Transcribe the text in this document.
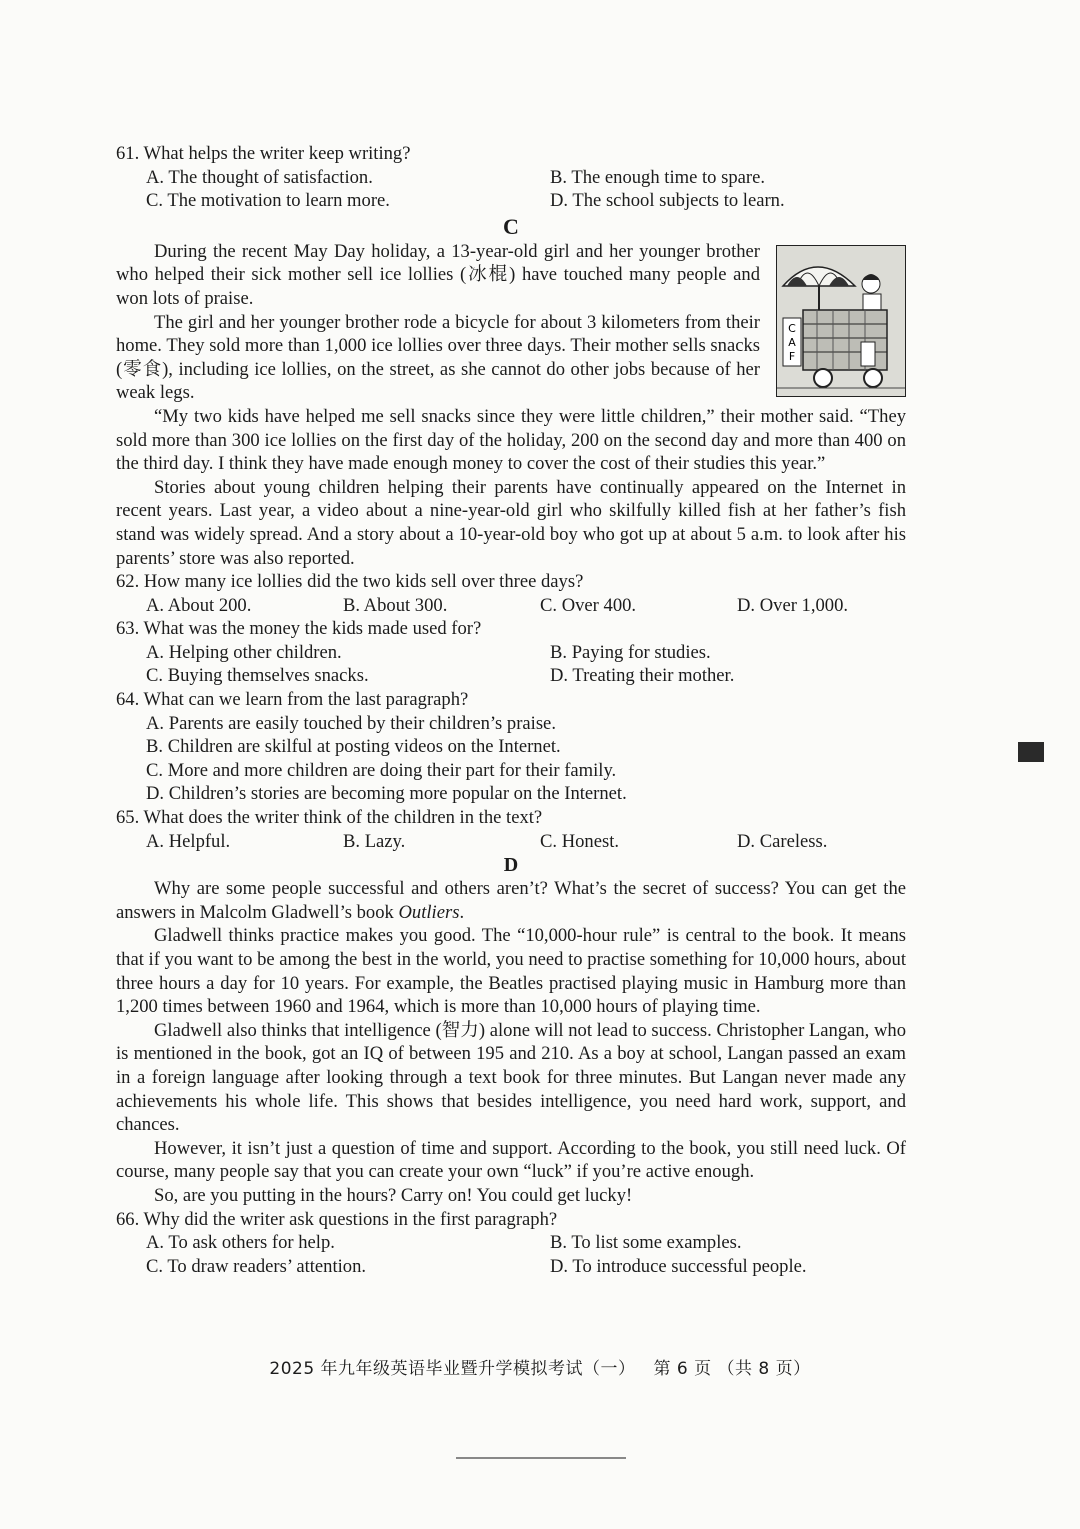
61. What helps the writer keep writing?

A. The thought of satisfaction.	B. The enough time to spare.
C. The motivation to learn more.	D. The school subjects to learn.

C

C
A
F

During the recent May Day holiday, a 13-year-old girl and her younger brother who helped their sick mother sell ice lollies (冰棍) have touched many people and won lots of praise.

The girl and her younger brother rode a bicycle for about 3 kilometers from their home. They sold more than 1,000 ice lollies over three days. Their mother sells snacks (零食), including ice lollies, on the street, as she cannot do other jobs because of her weak legs.

“My two kids have helped me sell snacks since they were little children,” their mother said. “They sold more than 300 ice lollies on the first day of the holiday, 200 on the second day and more than 400 on the third day. I think they have made enough money to cover the cost of their studies this year.”

Stories about young children helping their parents have continually appeared on the Internet in recent years. Last year, a video about a nine-year-old girl who skilfully killed fish at her father’s fish stand was widely spread. And a story about a 10-year-old boy who got up at about 5 a.m. to look after his parents’ store was also reported.

62. How many ice lollies did the two kids sell over three days?

A. About 200.	B. About 300.	C. Over 400.	D. Over 1,000.

63. What was the money the kids made used for?

A. Helping other children.	B. Paying for studies.
C. Buying themselves snacks.	D. Treating their mother.

64. What can we learn from the last paragraph?

A. Parents are easily touched by their children’s praise.

B. Children are skilful at posting videos on the Internet.

C. More and more children are doing their part for their family.

D. Children’s stories are becoming more popular on the Internet.

65. What does the writer think of the children in the text?

A. Helpful.	B. Lazy.	C. Honest.	D. Careless.

D

Why are some people successful and others aren’t? What’s the secret of success? You can get the answers in Malcolm Gladwell’s book Outliers.

Gladwell thinks practice makes you good. The “10,000-hour rule” is central to the book. It means that if you want to be among the best in the world, you need to practise something for 10,000 hours, about three hours a day for 10 years. For example, the Beatles practised playing music in Hamburg more than 1,200 times between 1960 and 1964, which is more than 10,000 hours of playing time.

Gladwell also thinks that intelligence (智力) alone will not lead to success. Christopher Langan, who is mentioned in the book, got an IQ of between 195 and 210. As a boy at school, Langan passed an exam in a foreign language after looking through a text book for three minutes. But Langan never made any achievements his whole life. This shows that besides intelligence, you need hard work, support, and chances.

However, it isn’t just a question of time and support. According to the book, you still need luck. Of course, many people say that you can create your own “luck” if you’re active enough.

So, are you putting in the hours? Carry on! You could get lucky!

66. Why did the writer ask questions in the first paragraph?

A. To ask others for help.	B. To list some examples.
C. To draw readers’ attention.	D. To introduce successful people.
2025 年九年级英语毕业暨升学模拟考试（一） 第 6 页 （共 8 页）
